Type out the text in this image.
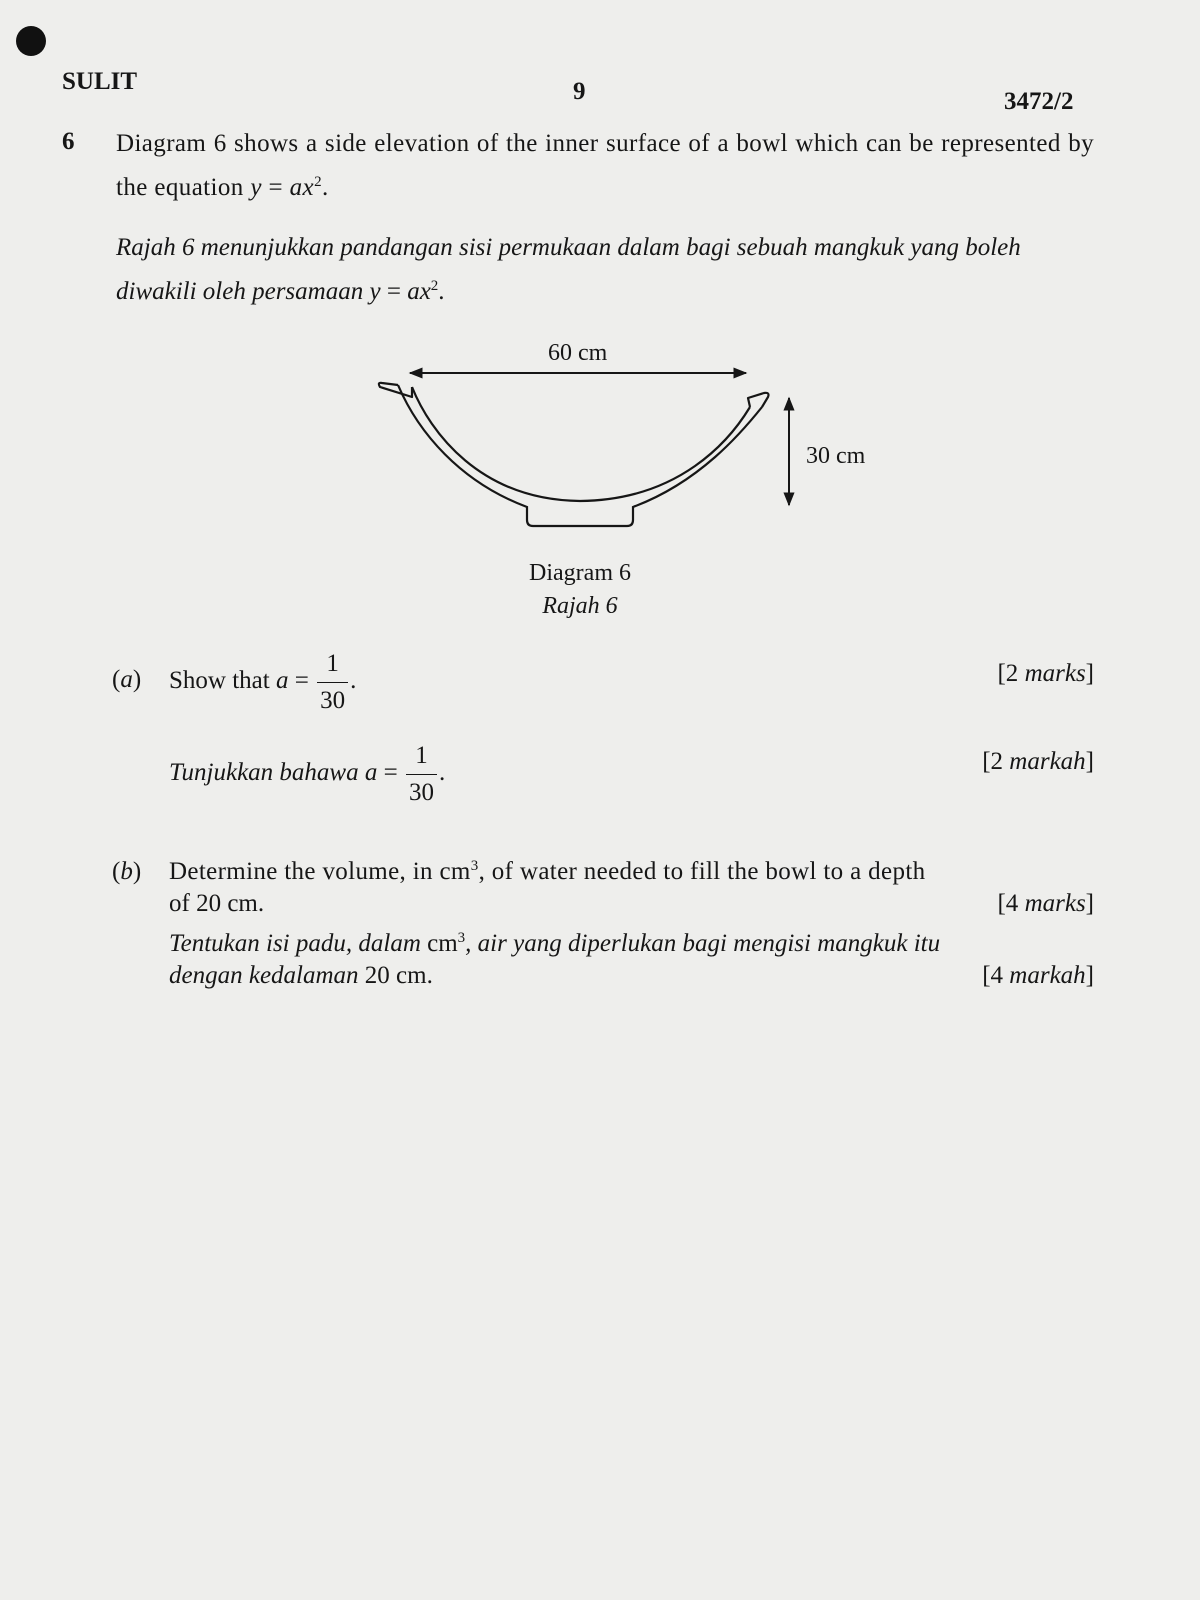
SULIT	9	3472/2
6 Diagram 6 shows a side elevation of the inner surface of a bowl which can be represented by the equation $y = ax^2$.
Rajah 6 menunjukkan pandangan sisi permukaan dalam bagi sebuah mangkuk yang boleh diwakili oleh persamaan $y = ax^2$.
60 cm
30 cm
Diagram 6
Rajah 6
(a) Show that $a = \frac{1}{30}$ .	[2 marks]
Tunjukkan bahawa $a = \frac{1}{30}$ .	[2 markah]
(b) Determine the volume, in $cm^3$, of water needed to fill the bowl to a depth
of 20 cm.	[4 marks]
Tentukan isi padu, dalam $cm^3$, air yang diperlukan bagi mengisi mangkuk itu
dengan kedalaman 20 cm.	[4 markah]
